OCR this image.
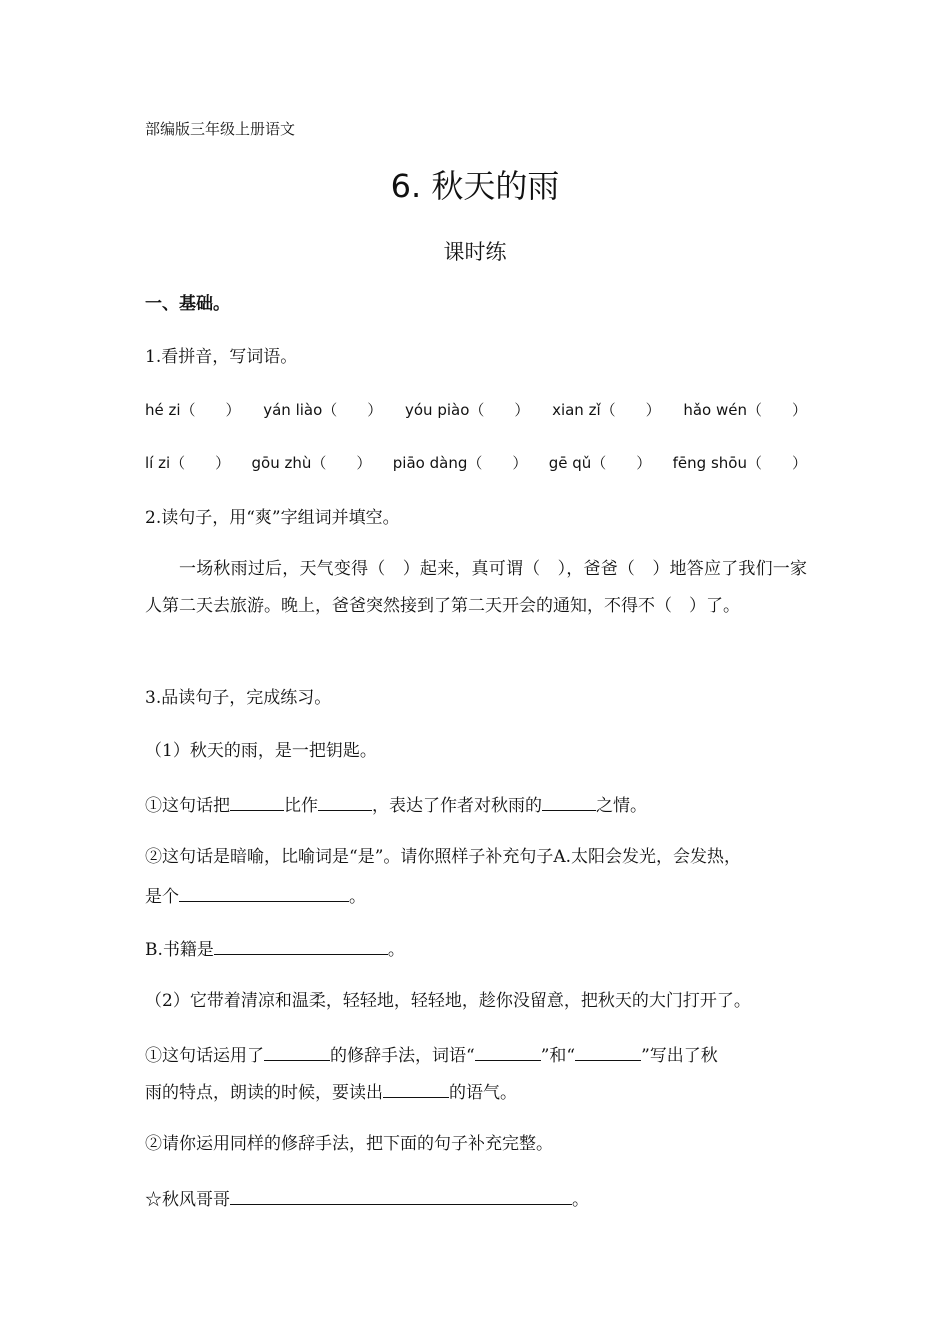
部编版三年级上册语文
6. 秋天的雨
课时练
一、基础。
1.看拼音，写词语。
hé zi（　　） yán liào（　　） yóu piào（　　） xian zǐ（　　） hǎo wén（　　）
lí zi（　　） gōu zhù（　　） piāo dàng（　　） gē qǔ（　　） fēng shōu（　　）
2.读句子，用“爽”字组词并填空。
一场秋雨过后，天气变得（　）起来，真可谓（　），爸爸（　）地答应了我们一家人第二天去旅游。晚上，爸爸突然接到了第二天开会的通知，不得不（　）了。
3.品读句子，完成练习。
（1）秋天的雨，是一把钥匙。
①这句话把	比作	，表达了作者对秋雨的	之情。
②这句话是暗喻，比喻词是“是”。请你照样子补充句子A.太阳会发光，会发热，
是个	。
B.书籍是	。
（2）它带着清凉和温柔，轻轻地，轻轻地，趁你没留意，把秋天的大门打开了。
①这句话运用了	的修辞手法，词语“	”和“	”写出了秋
雨的特点，朗读的时候，要读出	的语气。
②请你运用同样的修辞手法，把下面的句子补充完整。
☆秋风哥哥	。
